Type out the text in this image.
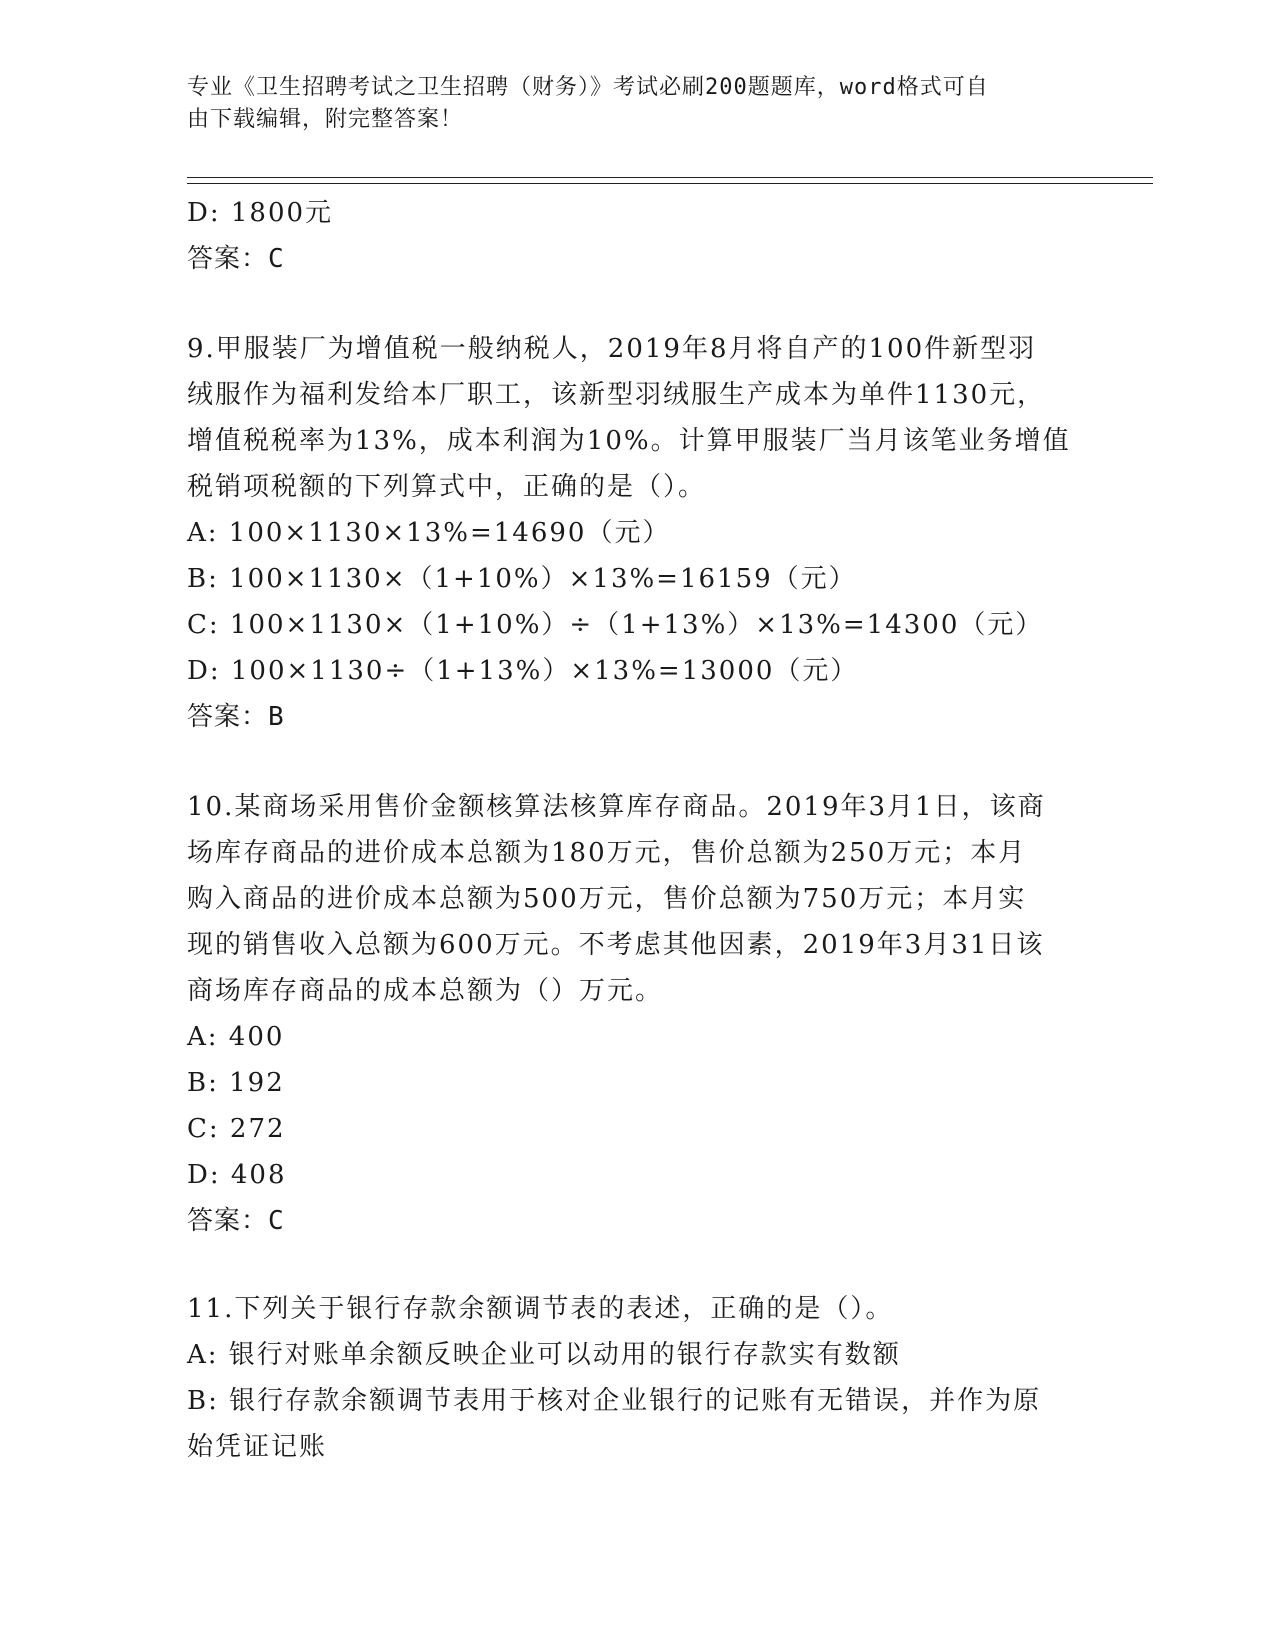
专业《卫生招聘考试之卫生招聘（财务）》考试必刷200题题库，word格式可自
由下载编辑，附完整答案！
D: 1800元
答案：C
9.甲服装厂为增值税一般纳税人，2019年8月将自产的100件新型羽
绒服作为福利发给本厂职工，该新型羽绒服生产成本为单件1130元，
增值税税率为13%，成本利润为10%。计算甲服装厂当月该笔业务增值
税销项税额的下列算式中，正确的是（）。
A: 100×1130×13%=14690（元）
B: 100×1130×（1+10%）×13%=16159（元）
C: 100×1130×（1+10%）÷（1+13%）×13%=14300（元）
D: 100×1130÷（1+13%）×13%=13000（元）
答案：B
10.某商场采用售价金额核算法核算库存商品。2019年3月1日，该商
场库存商品的进价成本总额为180万元，售价总额为250万元；本月
购入商品的进价成本总额为500万元，售价总额为750万元；本月实
现的销售收入总额为600万元。不考虑其他因素，2019年3月31日该
商场库存商品的成本总额为（）万元。
A: 400
B: 192
C: 272
D: 408
答案：C
11.下列关于银行存款余额调节表的表述，正确的是（）。
A: 银行对账单余额反映企业可以动用的银行存款实有数额
B: 银行存款余额调节表用于核对企业银行的记账有无错误，并作为原
始凭证记账
